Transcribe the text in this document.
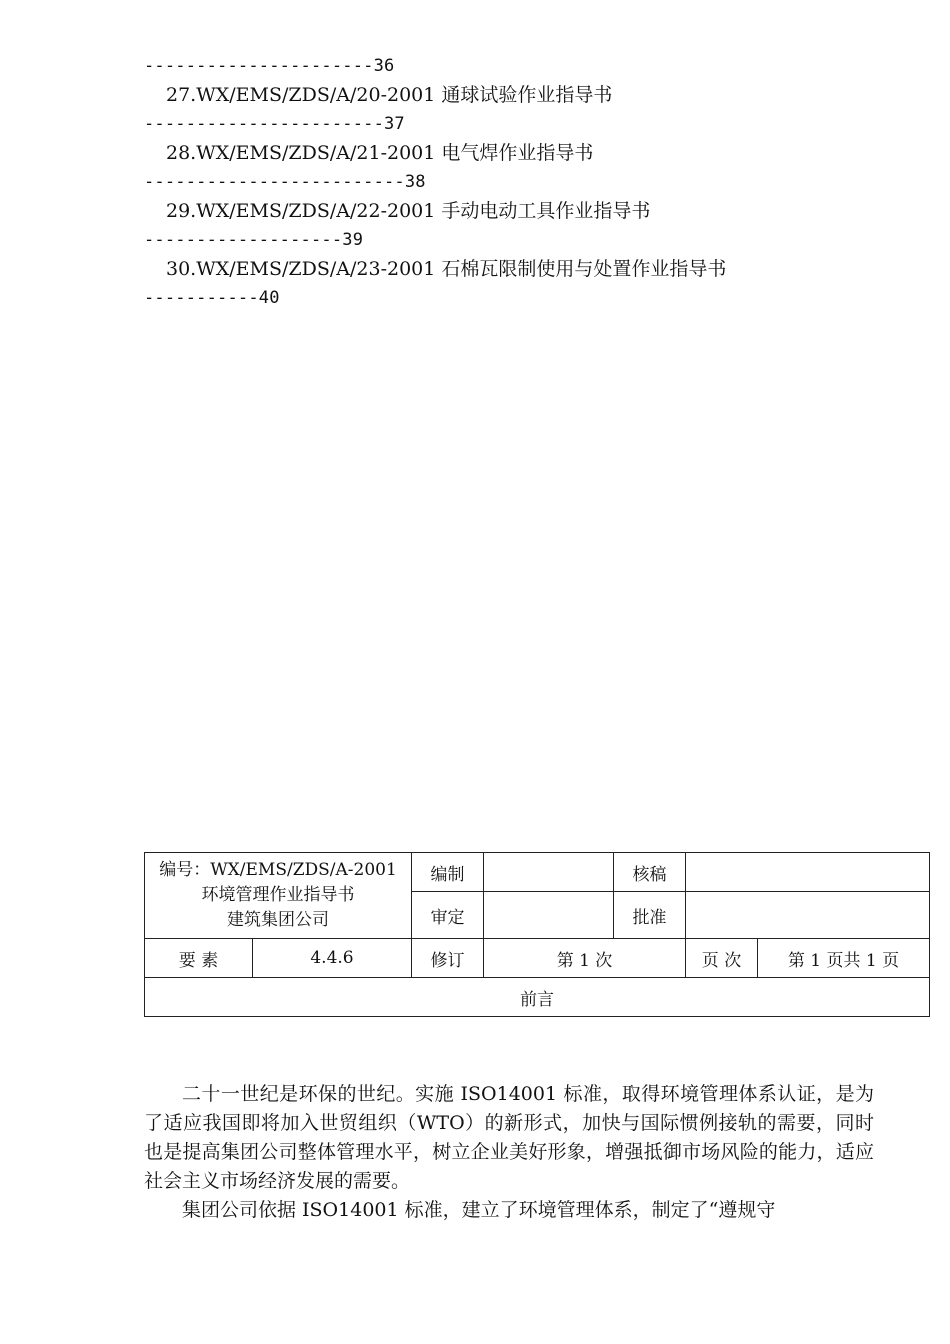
----------------------36
27.WX/EMS/ZDS/A/20-2001 通球试验作业指导书
-----------------------37
28.WX/EMS/ZDS/A/21-2001 电气焊作业指导书
-------------------------38
29.WX/EMS/ZDS/A/22-2001 手动电动工具作业指导书
-------------------39
30.WX/EMS/ZDS/A/23-2001 石棉瓦限制使用与处置作业指导书
-----------40
编号：WX/EMS/ZDS/A-2001
环境管理作业指导书
建筑集团公司		编制		核稿		
		审定		批准		
要 素	4.4.6	修订	第 1 次		页 次	第 1 页共 1 页
前言						

二十一世纪是环保的世纪。实施 ISO14001 标准，取得环境管理体系认证，是为了适应我国即将加入世贸组织（WTO）的新形式，加快与国际惯例接轨的需要，同时也是提高集团公司整体管理水平，树立企业美好形象，增强抵御市场风险的能力，适应社会主义市场经济发展的需要。

集团公司依据 ISO14001 标准，建立了环境管理体系，制定了“遵规守
